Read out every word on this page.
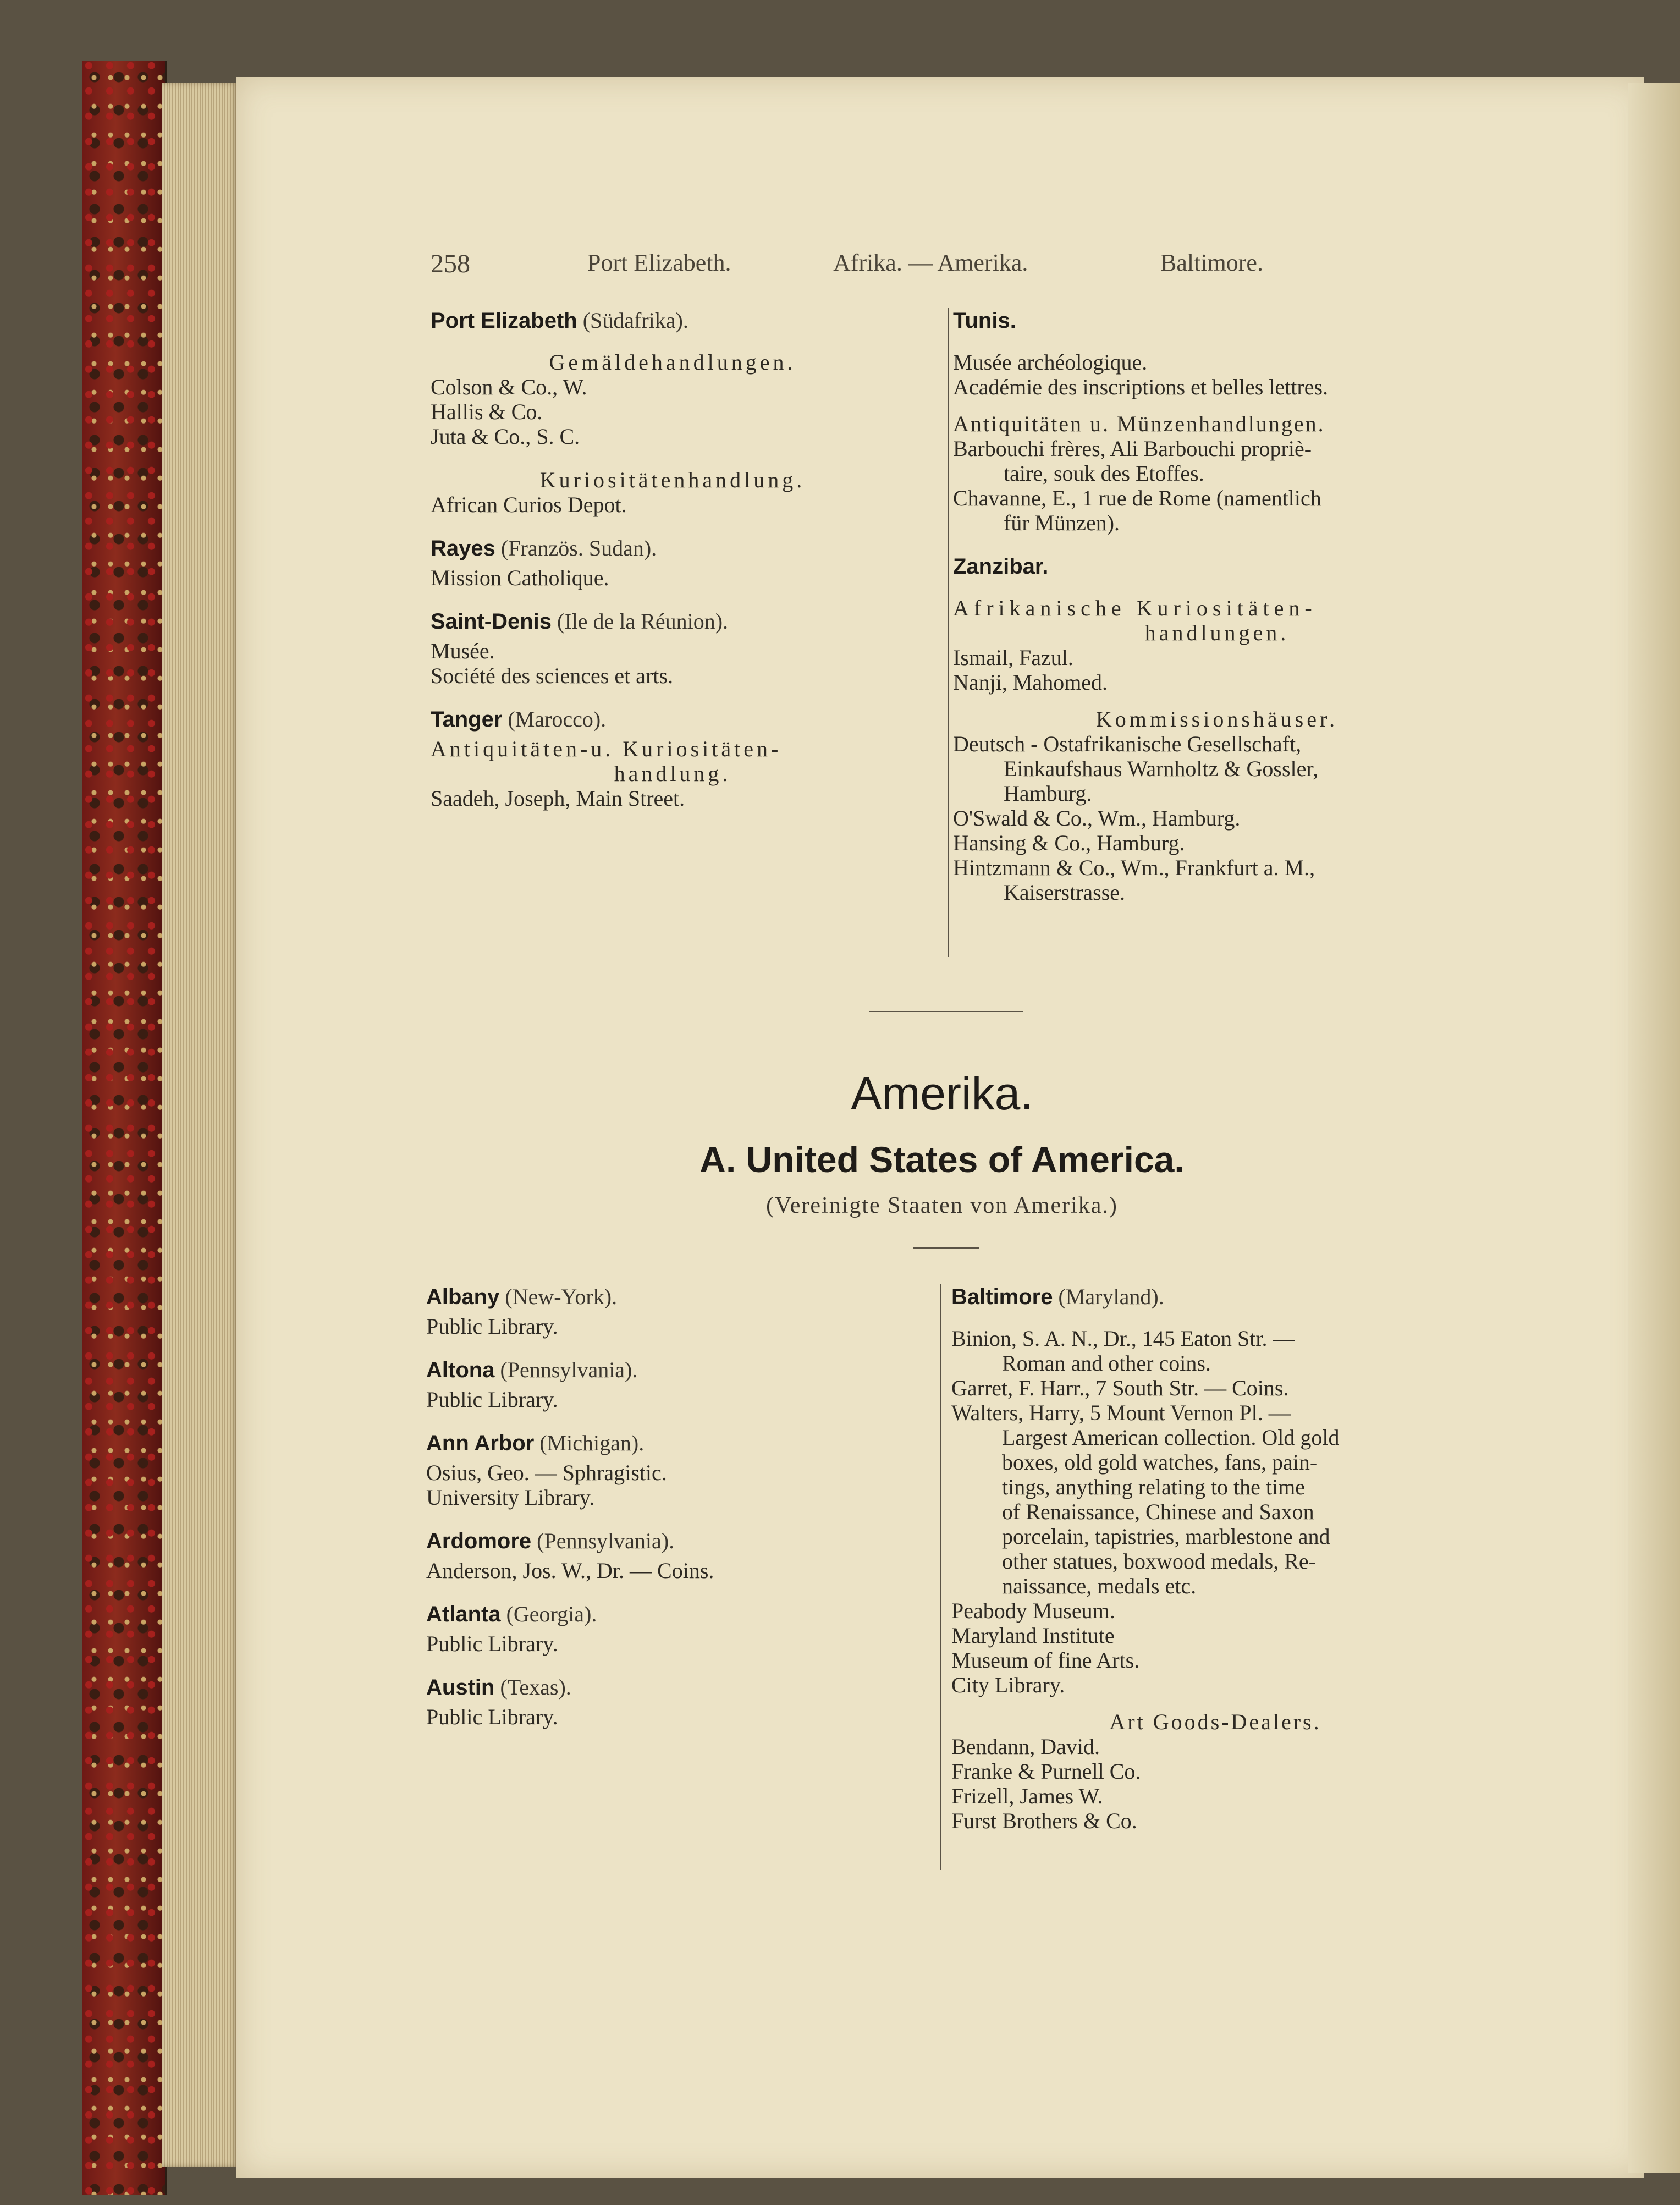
258	Port Elizabeth.	Afrika. — Amerika.	Baltimore.
Port Elizabeth (Südafrika).
Gemäldehandlungen.
Colson & Co., W.
Hallis & Co.
Juta & Co., S. C.
Kuriositätenhandlung.
African Curios Depot.
Rayes (Französ. Sudan).
Mission Catholique.
Saint-Denis (Ile de la Réunion).
Musée.
Société des sciences et arts.
Tanger (Marocco).
Antiquitäten-u. Kuriositäten-
handlung.
Saadeh, Joseph, Main Street.
Tunis.
Musée archéologique.
Académie des inscriptions et belles lettres.
Antiquitäten u. Münzenhandlungen.
Barbouchi frères, Ali Barbouchi propriè-
taire, souk des Etoffes.
Chavanne, E., 1 rue de Rome (namentlich
für Münzen).
Zanzibar.
Afrikanische Kuriositäten-
handlungen.
Ismail, Fazul.
Nanji, Mahomed.
Kommissionshäuser.
Deutsch - Ostafrikanische Gesellschaft,
Einkaufshaus Warnholtz & Gossler,
Hamburg.
O'Swald & Co., Wm., Hamburg.
Hansing & Co., Hamburg.
Hintzmann & Co., Wm., Frankfurt a. M.,
Kaiserstrasse.
Amerika.
A. United States of America.
(Vereinigte Staaten von Amerika.)
Albany (New-York).
Public Library.
Altona (Pennsylvania).
Public Library.
Ann Arbor (Michigan).
Osius, Geo. — Sphragistic.
University Library.
Ardomore (Pennsylvania).
Anderson, Jos. W., Dr. — Coins.
Atlanta (Georgia).
Public Library.
Austin (Texas).
Public Library.
Baltimore (Maryland).
Binion, S. A. N., Dr., 145 Eaton Str. —
Roman and other coins.
Garret, F. Harr., 7 South Str. — Coins.
Walters, Harry, 5 Mount Vernon Pl. —
Largest American collection. Old gold
boxes, old gold watches, fans, pain-
tings, anything relating to the time
of Renaissance, Chinese and Saxon
porcelain, tapistries, marblestone and
other statues, boxwood medals, Re-
naissance, medals etc.
Peabody Museum.
Maryland Institute
Museum of fine Arts.
City Library.
Art Goods-Dealers.
Bendann, David.
Franke & Purnell Co.
Frizell, James W.
Furst Brothers & Co.
